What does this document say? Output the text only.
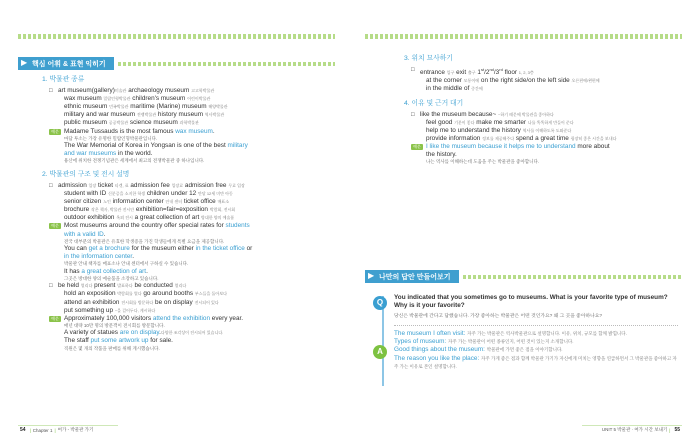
▶ 핵심 어휘 & 표현 익히기
1. 박물관 종류
□ art museum(gallery)미술관 archaeology museum 고고학박물관
wax museum 밀랍인형박물관 children's museum 어린이박물관
ethnic museum 민족박물관 maritime (Marine) museum 해양박물관
military and war museum 전쟁박물관 history museum 역사박물관
public museum 공공박물관 science museum 과학박물관
예문 Madame Tussauds is the most famous wax museum.
마담 투소는 가장 유명한 밀랍인형박물관입니다.
The War Memorial of Korea in Yongsan is one of the best military
and war museums in the world.
용산에 위치한 전쟁기념관은 세계에서 최고의 전쟁박물관 중 하나입니다.
2. 박물관의 구조 및 전시 설명
□ admission 입장 ticket 티켓, 표 admission fee 입장료 admission free 무료 입장
student with ID 신분증을 소지한 학생 children under 12 만달 12세 미만 아동
senior citizen 노인 information center 안내 센터 ticket office 매표소
brochure 작은 책자, 박물관 전시안 exhibition=fair=exposition 박람회, 전시회
outdoor exhibition 옥외 전시 a great collection of art 방대한 양의 예술품
예문 Most museums around the country offer special rates for students
with a valid ID.
전국 대부분의 박물관은 유효한 학생증을 가진 학생들에게 특별 요금을 제공합니다.
You can get a brochure for the museum either in the ticket office or
in the information center.
박물관 안내 책자를 매표소나 안내 센터에서 구하실 수 있습니다.
It has a great collection of art.
그곳은 방대한 양의 예술품을 소장하고 있습니다.
□ be held 열리다 present 발표하다 be conducted 열리다
hold an exposition 박람회를 열다 go around booths 부스들을 돌아보다
attend an exhibition 전시회를 방문하다 be on display 전시되어 있다
put something up ~을 걸어두다, 게시하다
예문 Approximately 100,000 visitors attend the exhibition every year.
매년 대략 10만 명의 방문객이 전시회를 방문합니다.
A variety of statues are on display.다양한 조각상이 전시되어 있습니다.
The staff put some artwork up for sale.
직원은 몇 개의 작품을 판매를 위해 게시했습니다.
3. 위치 묘사하기
□ entrance 입구 exit 출구 1st/2nd/3rd floor 1, 2, 3층
at the corner 모퉁이에 on the right side/on the left side 오른편에/왼편에
in the middle of 중간에
4. 이유 및 근거 대기
□ like the museum because~ ~하기 때문에 박물관을 좋아하다
feel good 기분이 좋다 make me smarter 나를 똑똑하게 만들어 준다
help me to understand the history 역사를 이해하도록 도와준다
provide information 정보를 제공해주다 spend a great time 굉장히 좋은 시간을 보내다
예문 I like the museum because it helps me to understand more about
the history.
나는 역사를 이해하는데 도움을 주는 박물관을 좋아합니다.
▶ 나만의 답안 만들어보기
Q
A
You indicated that you sometimes go to museums. What is your favorite type of museum? Why is it your favorite?
당신은 박물관에 간다고 답했습니다. 가장 좋아하는 박물관은 어떤 것인가요? 왜 그 곳을 좋아하나요?
The museum I often visit: 자주 가는 박물관은 역사박물관으로 설명합니다. 이유, 위치, 규모를 함께 밝힙니다.
Types of museum: 자주 가는 박물관이 어떤 종류인지, 어떤 것이 있는지 소개합니다.
Good things about the museum: 박물관에 가면 좋은 점을 이야기합니다.
The reason you like the place: 자주 가게 좋은 점과 함께 박물관 가기가 자신에게 미치는 영향을 연급하면서 그 박물관을 좋아하고 자주 가는 이유로 본인 설명합니다.
54 | Chapter 1 | 여가 - 박물관 가기	UNIT 5 박물관 · 여가 시간 보내기 | 55
